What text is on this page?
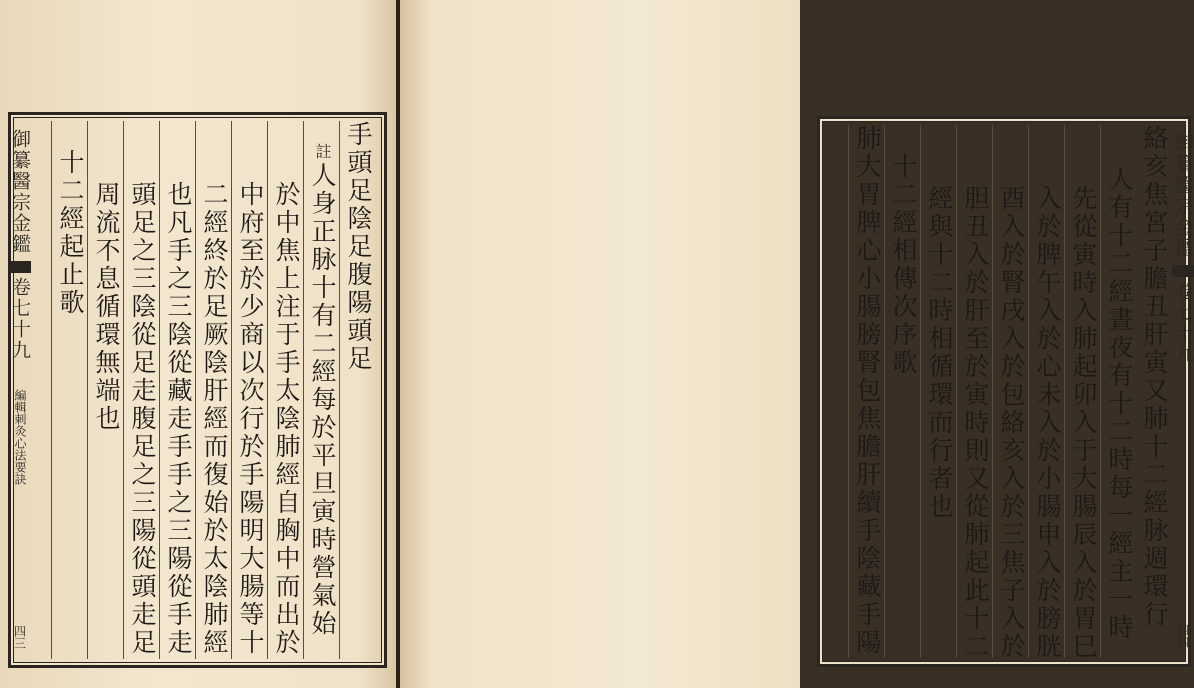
御纂醫宗金鑑
卷七十九
編輯刺灸心法要訣
四三
手頭足陰足腹陽頭足
註
人身正脉十有二經每於平旦寅時營氣始
於中焦上注于手太陰肺經自胸中而出於
中府至於少商以次行於手陽明大腸等十
二經終於足厥陰肝經而復始於太陰肺經
也凡手之三陰從藏走手手之三陽從手走
頭足之三陰從足走腹足之三陽從頭走足
周流不息循環無端也
十二經起止歌	絡亥焦宮子膽丑肝寅又肺十二經脉週環行
註
人有十二經晝夜有十二時每一經主一時
先從寅時入肺起卯入于大腸辰入於胃巳
入於脾午入於心未入於小腸申入於膀胱
酉入於腎戌入於包絡亥入於三焦子入於
胆丑入於肝至於寅時則又從肺起此十二
經與十二時相循環而行者也
十二經相傳次序歌
肺大胃脾心小腸膀腎包焦膽肝續手陰藏手陽	御纂醫宗金鑑
卷七十九
四四
